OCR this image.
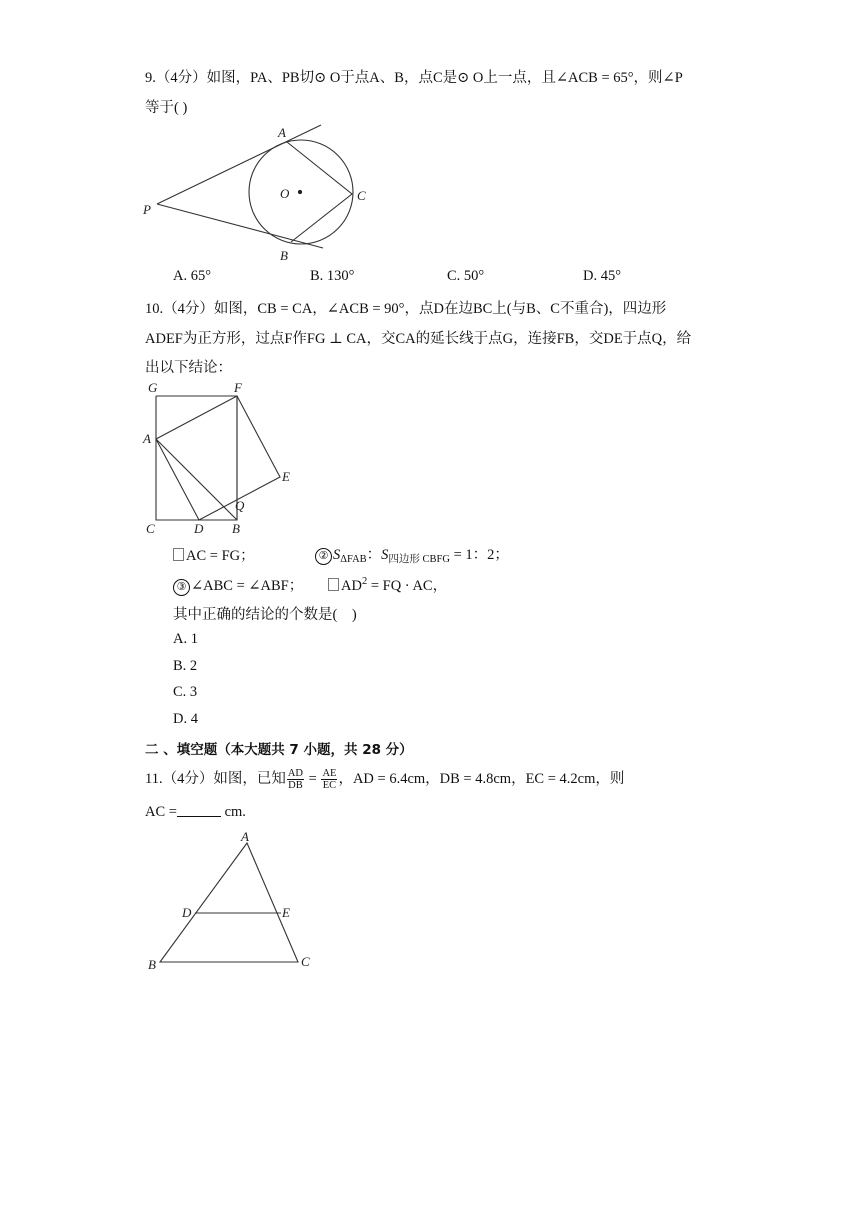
9.（4分）如图，PA、PB切⊙ O于点A、B，点C是⊙ O上一点，且∠ACB = 65°，则∠P
等于( )
A
C
O
P
B
A. 65°	B. 130°	C. 50°	D. 45°
10.（4分）如图，CB = CA，∠ACB = 90°，点D在边BC上(与B、C不重合)，四边形
ADEF为正方形，过点F作FG ⊥ CA，交CA的延长线于点G，连接FB，交DE于点Q，给
出以下结论：
G	F
A
E
Q
C	D B
AC = FG；	② $S_{\Delta FAB}$：$S_{四边形 CBFG} = 1$：2；
③ ∠ABC = ∠ABF；	$AD^2$ = FQ · AC，
其中正确的结论的个数是(　)
A. 1
B. 2
C. 3
D. 4
二 、填空题（本大题共 7 小题，共 28 分）
11.（4分）如图，已知 $\frac{AD}{DB} = \frac{AE}{EC}$ ，AD = 6.4cm，DB = 4.8cm，EC = 4.2cm，则
AC =	cm.
A
D	E
B	C
